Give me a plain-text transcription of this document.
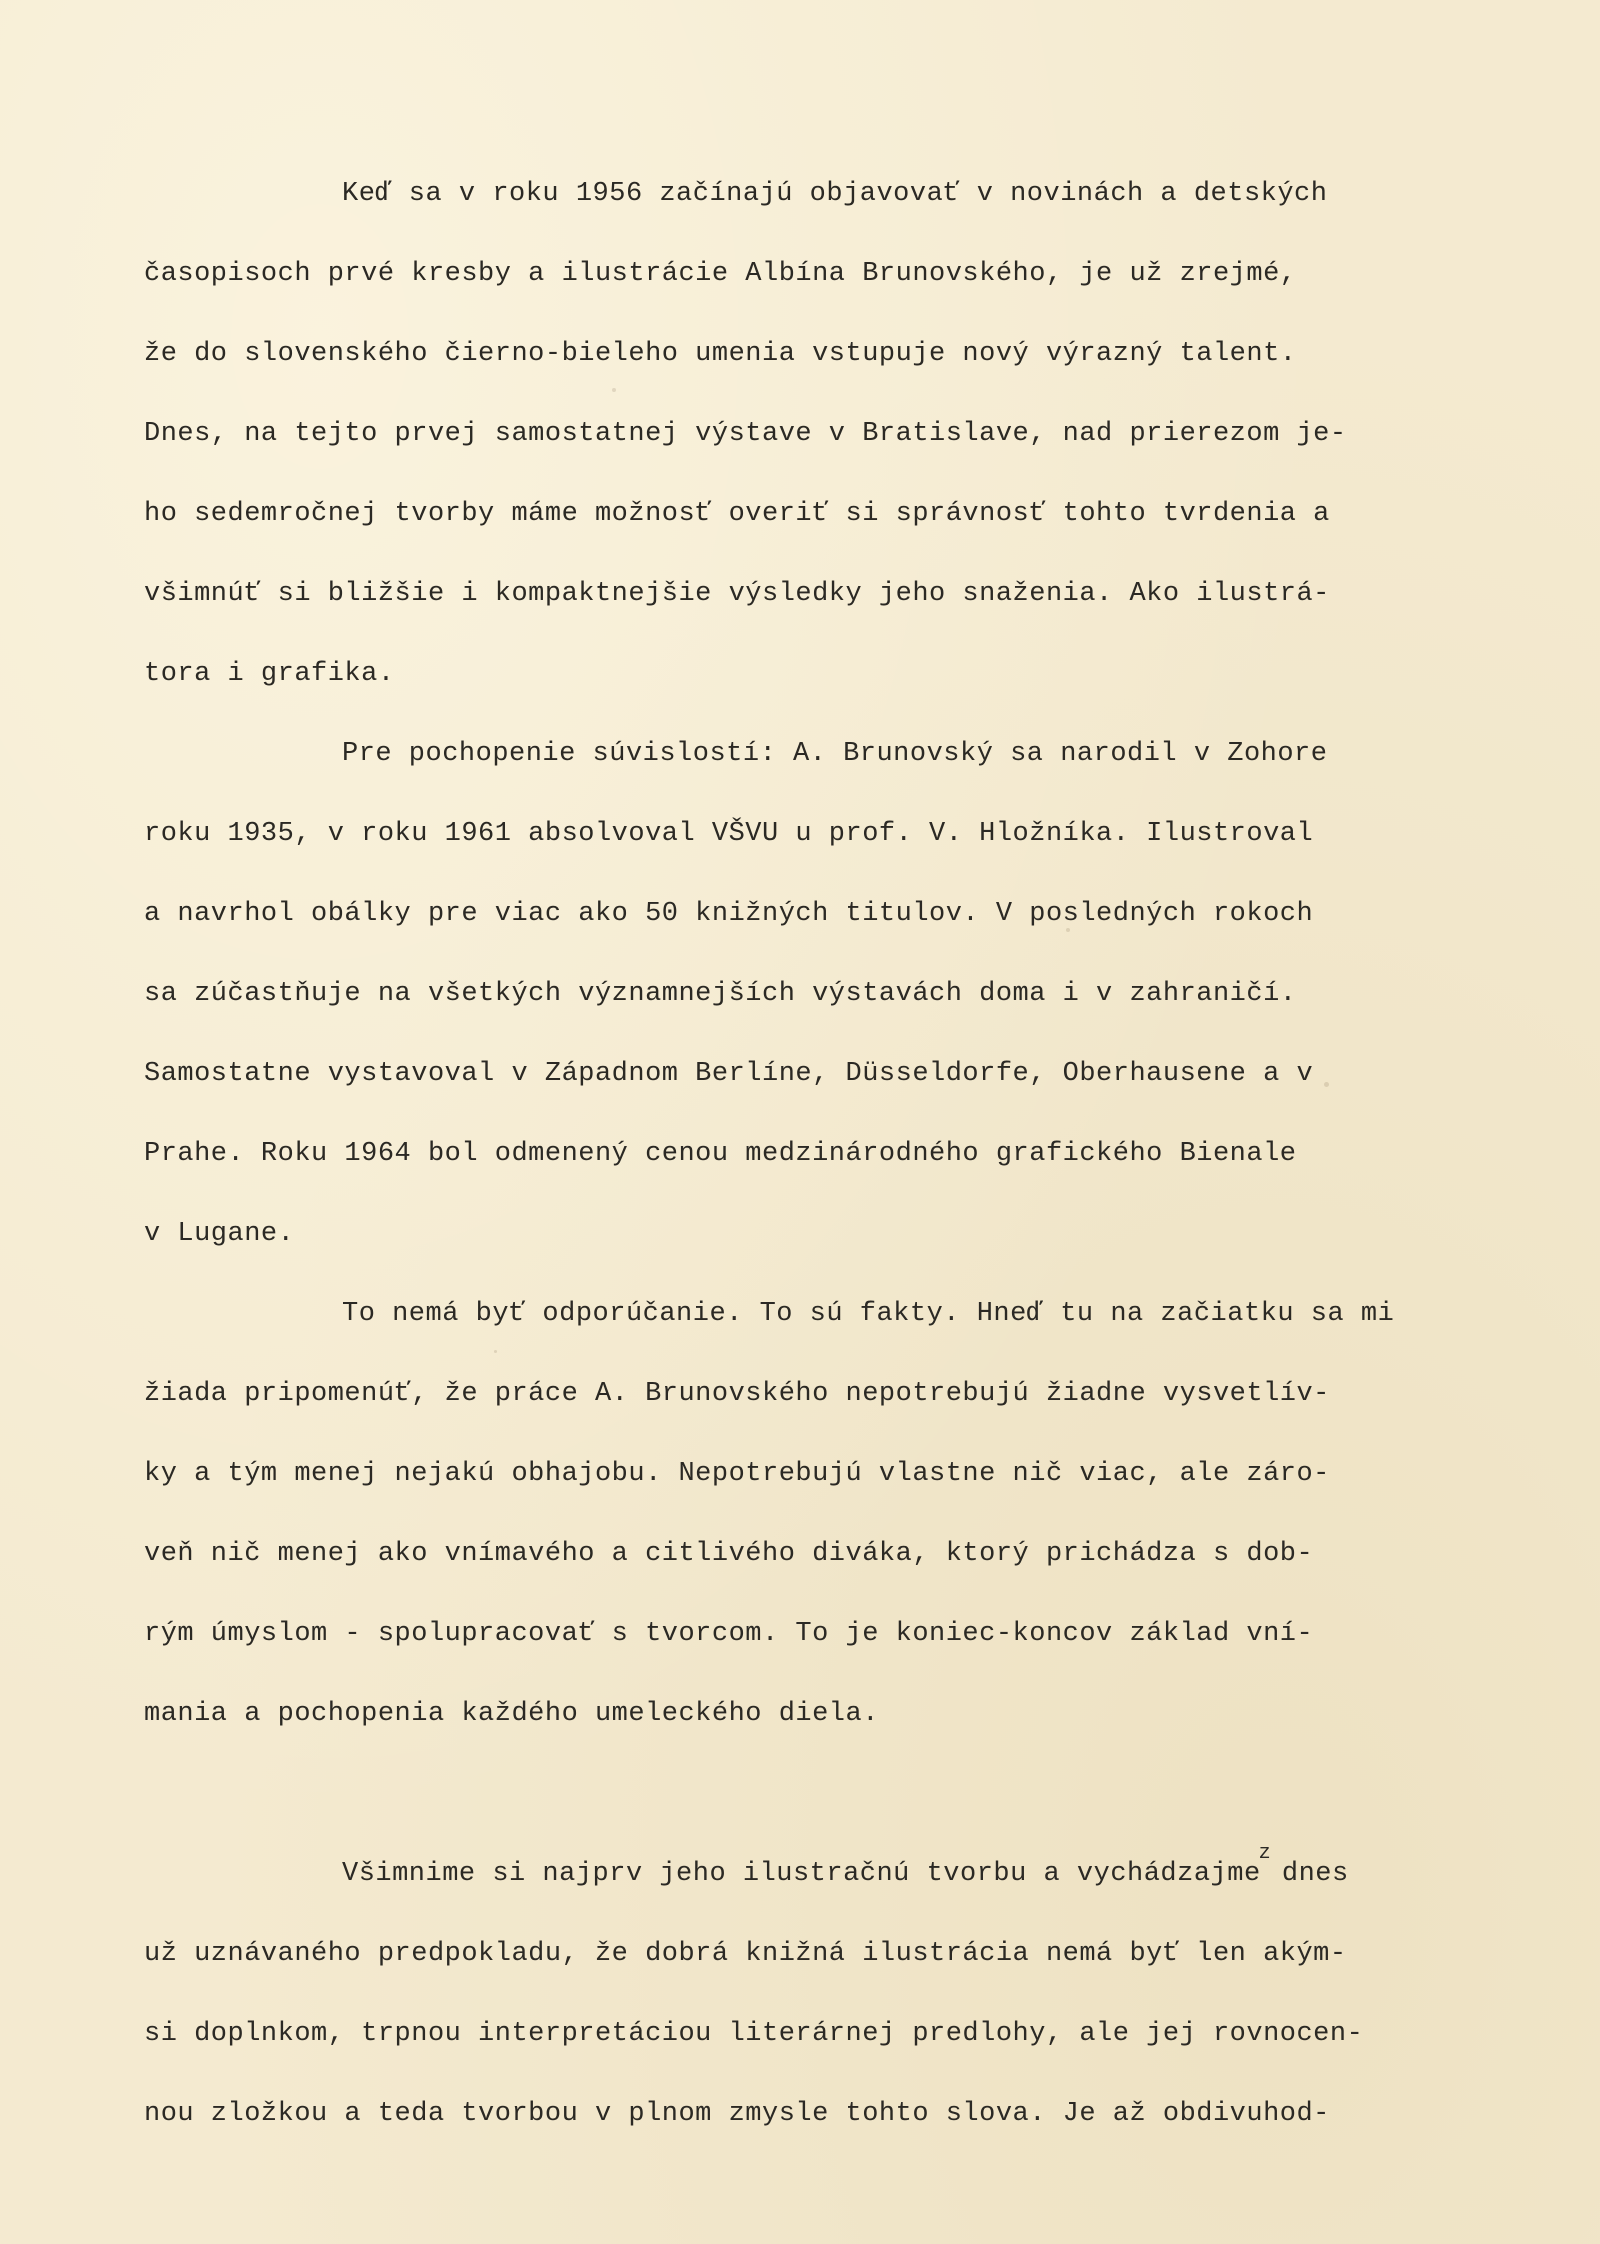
Keď sa v roku 1956 začínajú objavovať v novinách a detských
časopisoch prvé kresby a ilustrácie Albína Brunovského, je už zrejmé,
že do slovenského čierno-bieleho umenia vstupuje nový výrazný talent.
Dnes, na tejto prvej samostatnej výstave v Bratislave, nad prierezom je-
ho sedemročnej tvorby máme možnosť overiť si správnosť tohto tvrdenia a
všimnúť si bližšie i kompaktnejšie výsledky jeho snaženia. Ako ilustrá-
tora i grafika.
Pre pochopenie súvislostí: A. Brunovský sa narodil v Zohore
roku 1935, v roku 1961 absolvoval VŠVU u prof. V. Hložníka. Ilustroval
a navrhol obálky pre viac ako 50 knižných titulov. V posledných rokoch
sa zúčastňuje na všetkých významnejších výstavách doma i v zahraničí.
Samostatne vystavoval v Západnom Berlíne, Düsseldorfe, Oberhausene a v
Prahe. Roku 1964 bol odmenený cenou medzinárodného grafického Bienale
v Lugane.
To nemá byť odporúčanie. To sú fakty. Hneď tu na začiatku sa mi
žiada pripomenúť, že práce A. Brunovského nepotrebujú žiadne vysvetlív-
ky a tým menej nejakú obhajobu. Nepotrebujú vlastne nič viac, ale záro-
veň nič menej ako vnímavého a citlivého diváka, ktorý prichádza s dob-
rým úmyslom - spolupracovať s tvorcom. To je koniec-koncov základ vní-
mania a pochopenia každého umeleckého diela.
Všimnime si najprv jeho ilustračnú tvorbu a vychádzajme$^z$ dnes
už uznávaného predpokladu, že dobrá knižná ilustrácia nemá byť len akým-
si doplnkom, trpnou interpretáciou literárnej predlohy, ale jej rovnocen-
nou zložkou a teda tvorbou v plnom zmysle tohto slova. Je až obdivuhod-
